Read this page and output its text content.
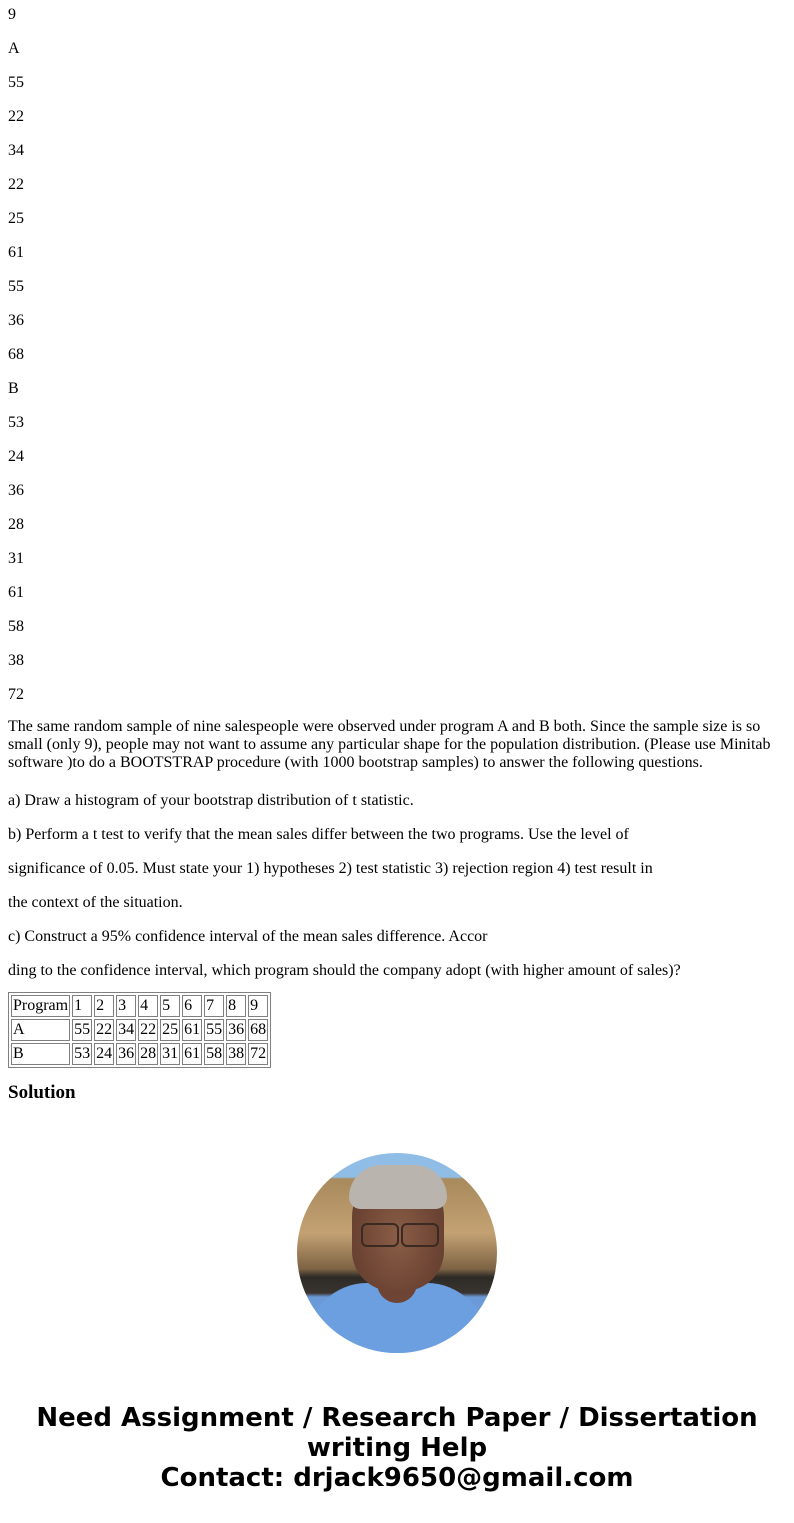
9

A

55

22

34

22

25

61

55

36

68

B

53

24

36

28

31

61

58

38

72

The same random sample of nine salespeople were observed under program A and B both. Since the sample size is so small (only 9), people may not want to assume any particular shape for the population distribution. (Please use Minitab software )to do a BOOTSTRAP procedure (with 1000 bootstrap samples) to answer the following questions.

a) Draw a histogram of your bootstrap distribution of t statistic.

b) Perform a t test to verify that the mean sales differ between the two programs. Use the level of

significance of 0.05. Must state your 1) hypotheses 2) test statistic 3) rejection region 4) test result in

the context of the situation.

c) Construct a 95% confidence interval of the mean sales difference. Accor

ding to the confidence interval, which program should the company adopt (with higher amount of sales)?

Program	1	2	3	4	5	6	7	8	9
A	55	22	34	22	25	61	55	36	68
B	53	24	36	28	31	61	58	38	72
Solution
Need Assignment / Research Paper / Dissertation
writing Help
Contact: drjack9650@gmail.com
